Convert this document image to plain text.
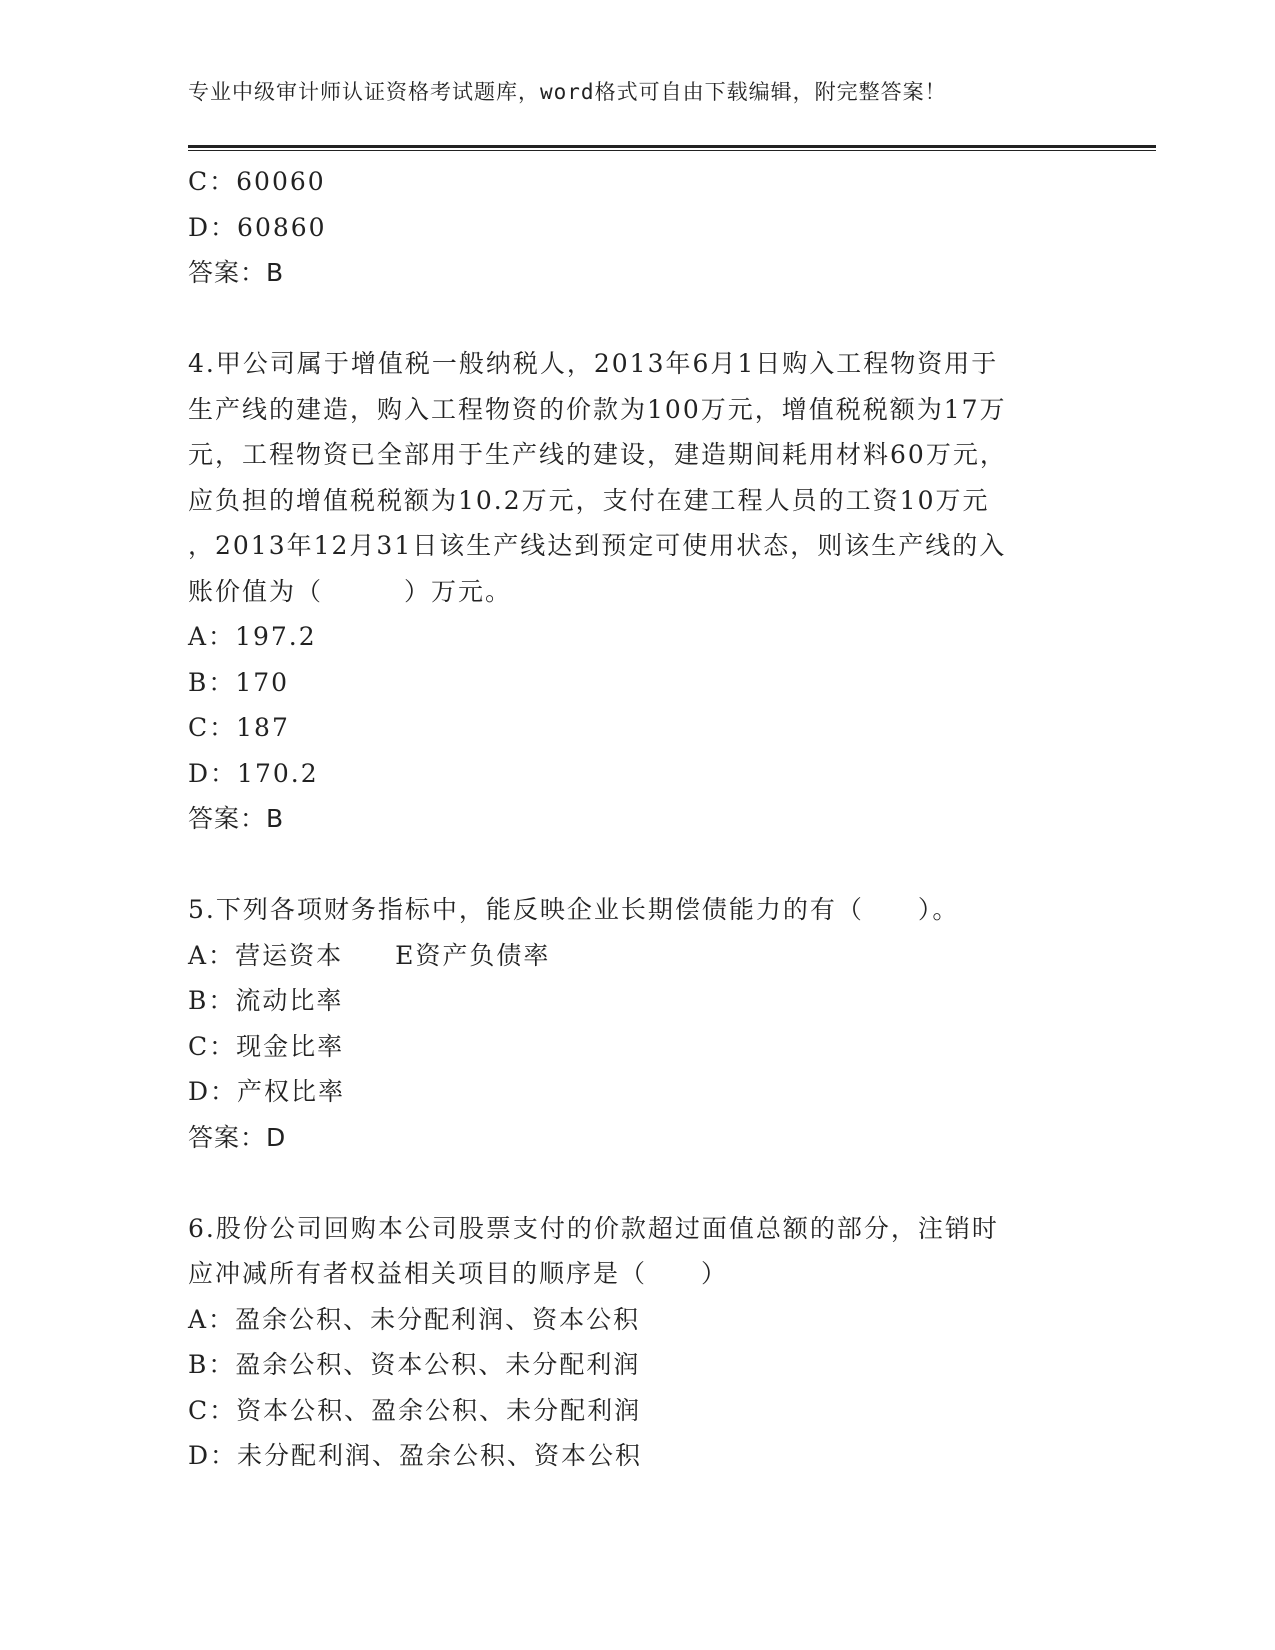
专业中级审计师认证资格考试题库，word格式可自由下载编辑，附完整答案！
C：60060
D：60860
答案：B
4.甲公司属于增值税一般纳税人，2013年6月1日购入工程物资用于
生产线的建造，购入工程物资的价款为100万元，增值税税额为17万
元，工程物资已全部用于生产线的建设，建造期间耗用材料60万元，
应负担的增值税税额为10.2万元，支付在建工程人员的工资10万元
，2013年12月31日该生产线达到预定可使用状态，则该生产线的入
账价值为（　　　）万元。
A：197.2
B：170
C：187
D：170.2
答案：B
5.下列各项财务指标中，能反映企业长期偿债能力的有（　　）。
A：营运资本 E资产负债率
B：流动比率
C：现金比率
D：产权比率
答案：D
6.股份公司回购本公司股票支付的价款超过面值总额的部分，注销时
应冲减所有者权益相关项目的顺序是（　　）
A：盈余公积、未分配利润、资本公积
B：盈余公积、资本公积、未分配利润
C：资本公积、盈余公积、未分配利润
D：未分配利润、盈余公积、资本公积
